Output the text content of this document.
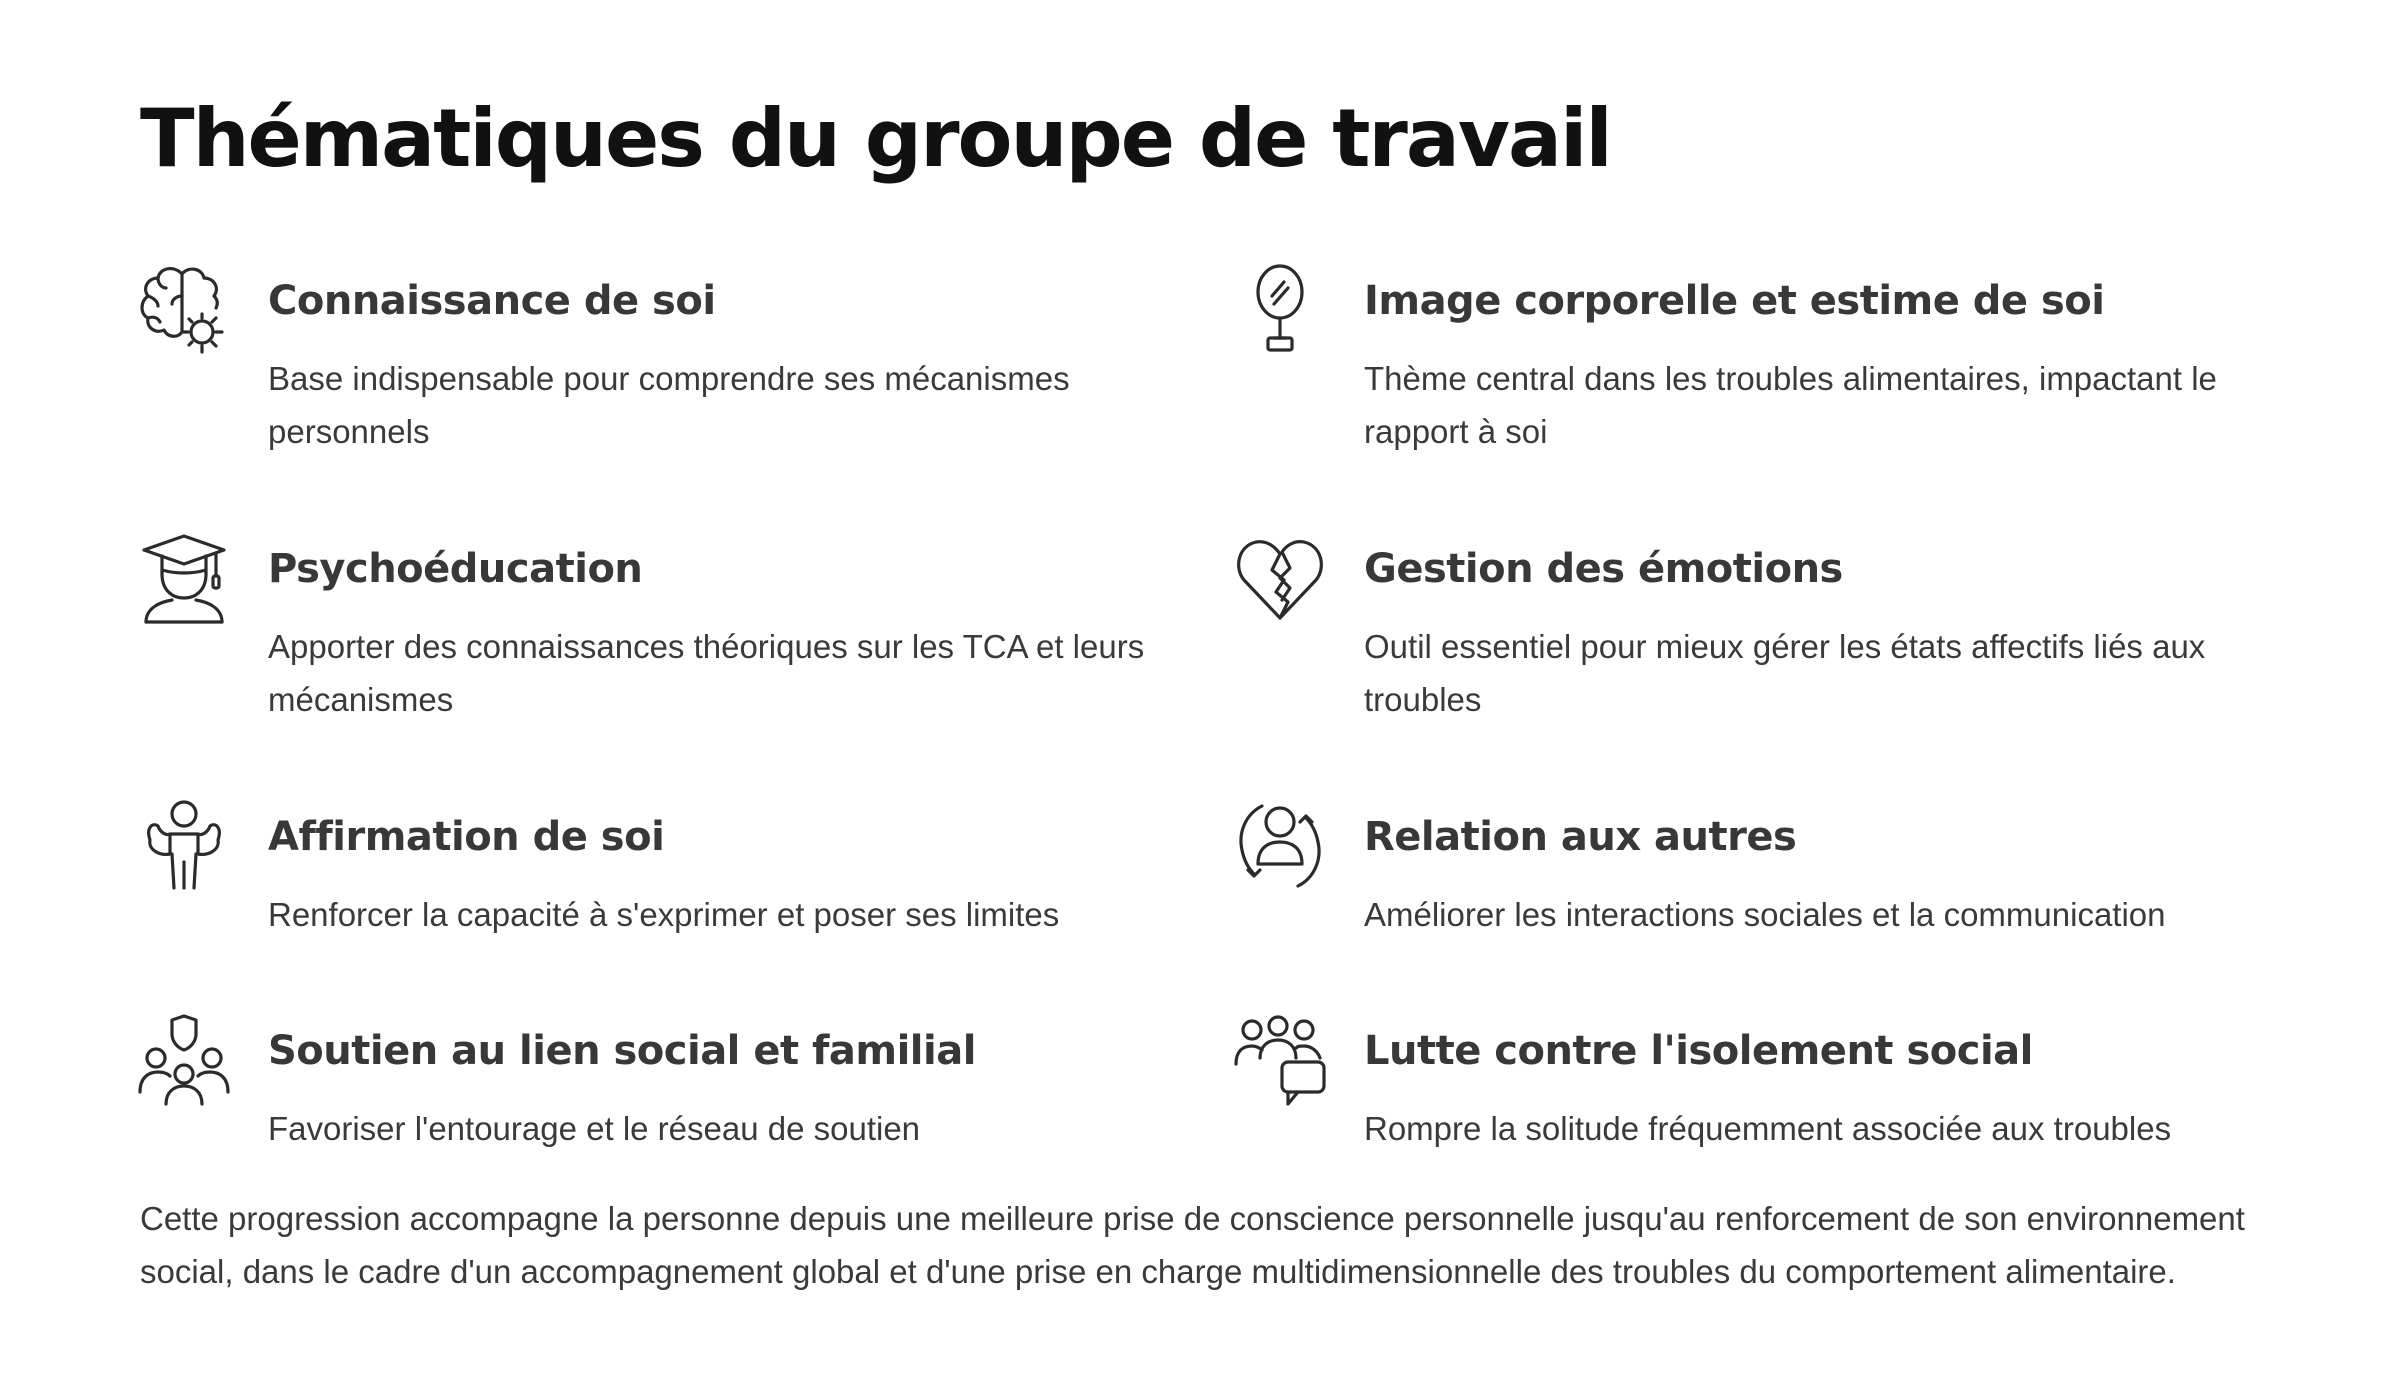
Thématiques du groupe de travail
Connaissance de soi

Base indispensable pour comprendre ses mécanismes personnels

Image corporelle et estime de soi

Thème central dans les troubles alimentaires, impactant le rapport à soi

Psychoéducation

Apporter des connaissances théoriques sur les TCA et leurs mécanismes

Gestion des émotions

Outil essentiel pour mieux gérer les états affectifs liés aux troubles

Affirmation de soi

Renforcer la capacité à s'exprimer et poser ses limites

Relation aux autres

Améliorer les interactions sociales et la communication

Soutien au lien social et familial

Favoriser l'entourage et le réseau de soutien

Lutte contre l'isolement social

Rompre la solitude fréquemment associée aux troubles

Cette progression accompagne la personne depuis une meilleure prise de conscience personnelle jusqu'au renforcement de son environnement social, dans le cadre d'un accompagnement global et d'une prise en charge multidimensionnelle des troubles du comportement alimentaire.
